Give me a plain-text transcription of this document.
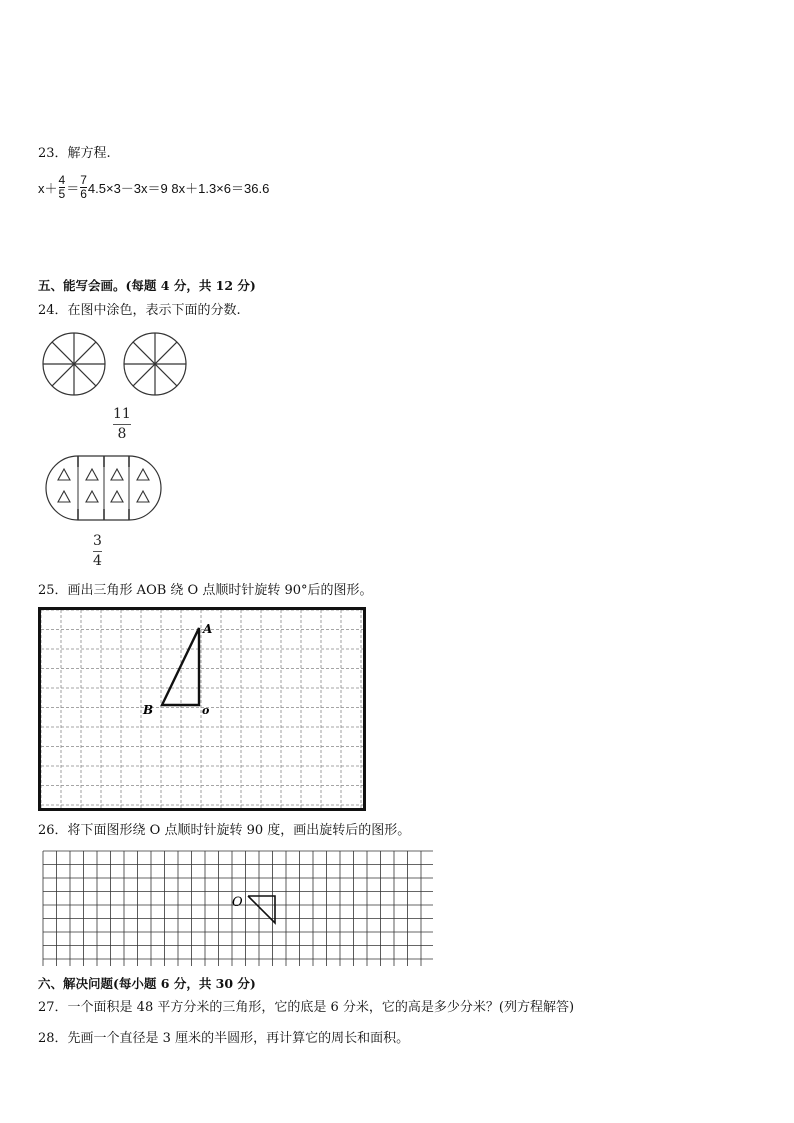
23．解方程.
$x+ \frac{4}{5} = \frac{7}{6} 4.5\times 3-3x=9$ 8x＋1.3×6＝36.6
五、能写会画。(每题 4 分，共 12 分)
24．在图中涂色，表示下面的分数.
11
8
3
4
25．画出三角形 AOB 绕 O 点顺时针旋转 90°后的图形。
A
B	o
26．将下面图形绕 O 点顺时针旋转 90 度，画出旋转后的图形。
O
六、解决问题(每小题 6 分，共 30 分)
27．一个面积是 48 平方分米的三角形，它的底是 6 分米，它的高是多少分米？(列方程解答)
28．先画一个直径是 3 厘米的半圆形，再计算它的周长和面积。
